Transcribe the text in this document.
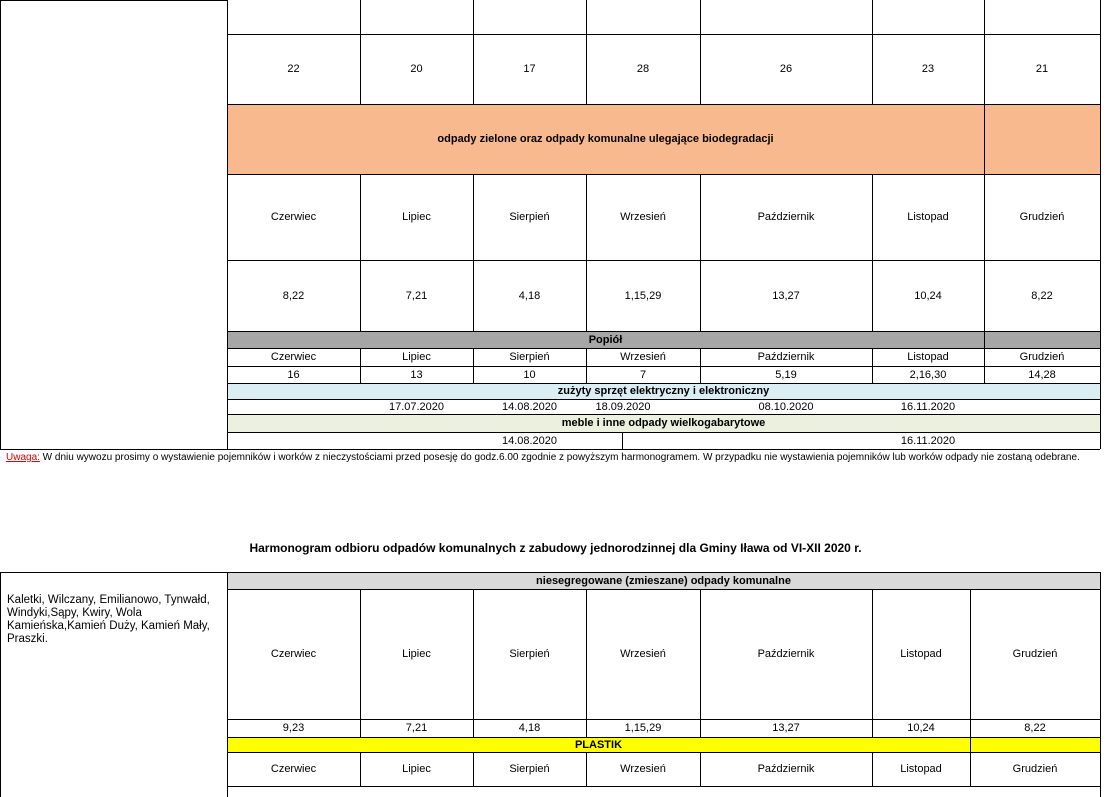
22	20	17	28	26	23	21
odpady zielone oraz odpady komunalne ulegające biodegradacji
Czerwiec	Lipiec	Sierpień	Wrzesień	Październik	Listopad	Grudzień
8,22	7,21	4,18	1,15,29	13,27	10,24	8,22
Popiół
Czerwiec	Lipiec	Sierpień	Wrzesień	Październik	Listopad	Grudzień
16	13	10	7	5,19	2,16,30	14,28
zużyty sprzęt elektryczny i elektroniczny
17.07.2020	14.08.2020	18.09.2020	08.10.2020	16.11.2020
meble i inne odpady wielkogabarytowe
14.08.2020	16.11.2020
niesegregowane (zmieszane) odpady komunalne
Czerwiec	Lipiec	Sierpień	Wrzesień	Październik	Listopad	Grudzień
9,23	7,21	4,18	1,15,29	13,27	10,24	8,22
PLASTIK
Czerwiec	Lipiec	Sierpień	Wrzesień	Październik	Listopad	Grudzień
Uwaga: W dniu wywozu prosimy o wystawienie pojemników i worków z nieczystościami przed posesję do godz.6.00 zgodnie z powyższym harmonogramem. W przypadku nie wystawienia pojemników lub worków odpady nie zostaną odebrane.
Harmonogram odbioru odpadów komunalnych z zabudowy jednorodzinnej dla Gminy Iława od VI-XII 2020 r.
Kaletki, Wilczany, Emilianowo, Tynwałd, Windyki,Sąpy, Kwiry, Wola Kamieńska,Kamień Duży, Kamień Mały, Praszki.
